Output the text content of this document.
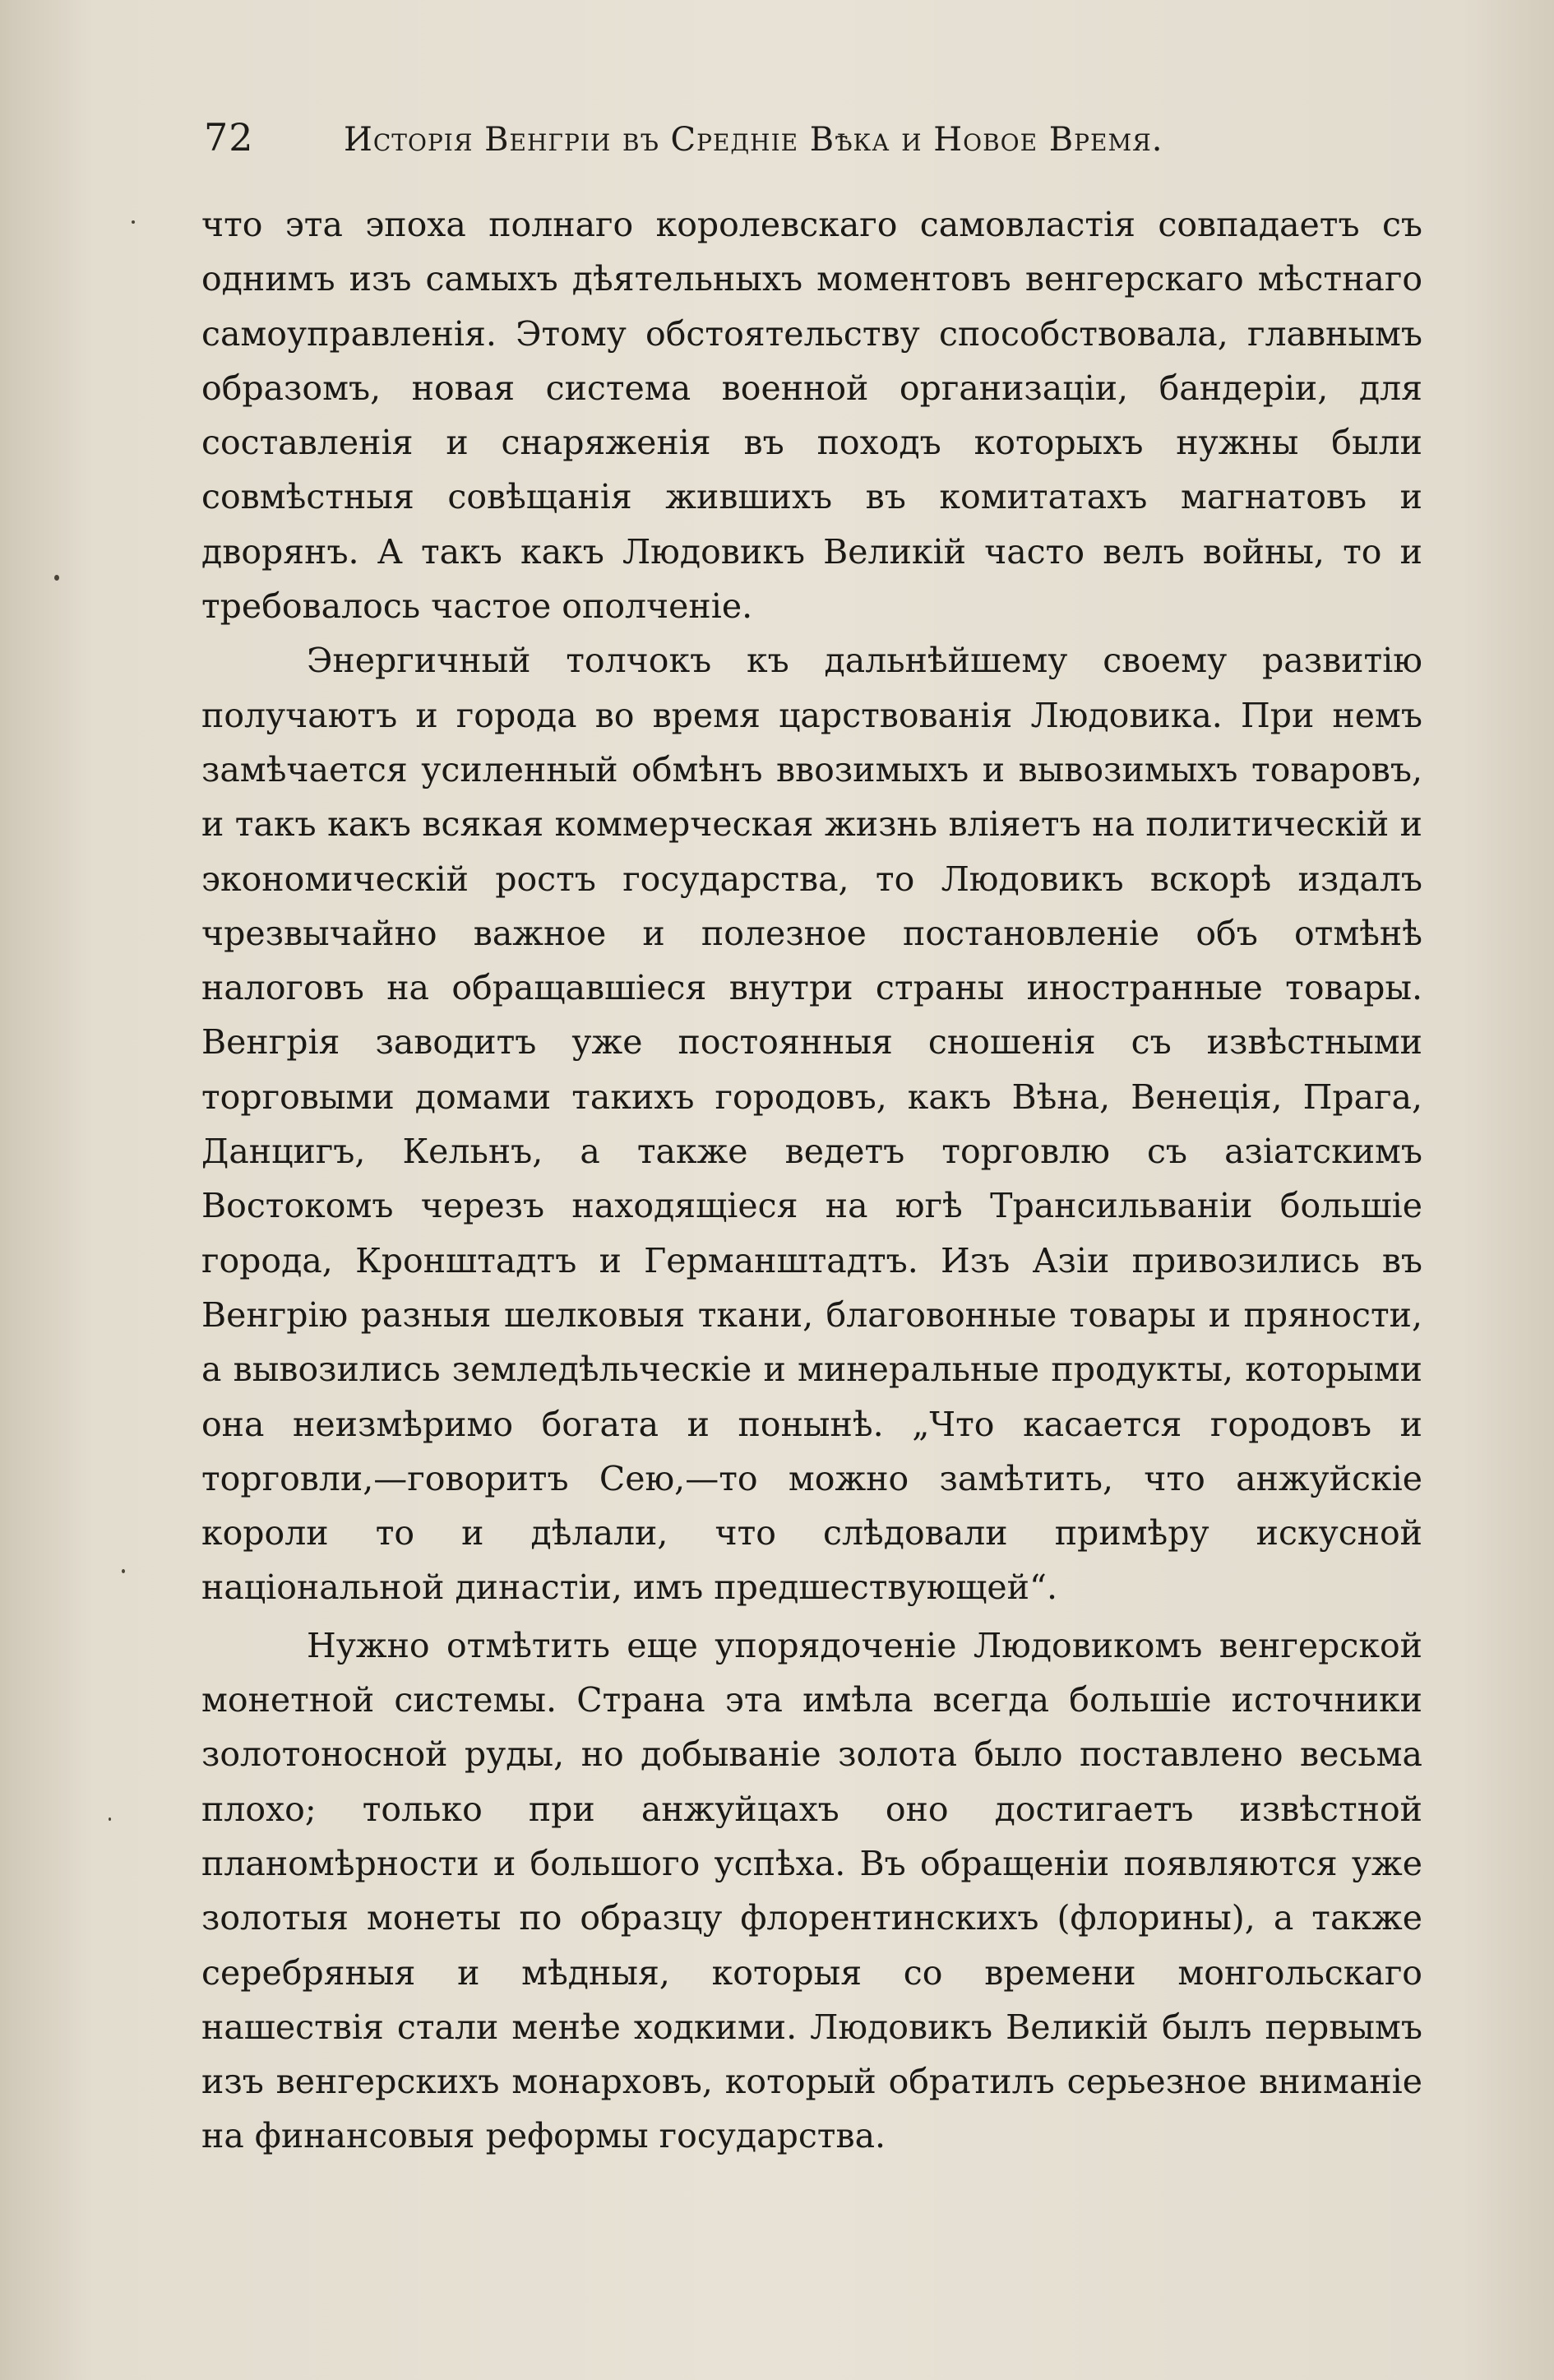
72	Исторія Венгріи въ Средніе Вѣка и Новое Время.

что эта эпоха полнаго королевскаго самовластія совпадаетъ съ однимъ изъ самыхъ дѣятельныхъ моментовъ венгерскаго мѣстнаго самоуправленія. Этому обстоятельству способствовала, главнымъ образомъ, новая система военной организаціи, бандеріи, для составленія и снаряженія въ походъ которыхъ нужны были совмѣстныя совѣщанія жившихъ въ комитатахъ магнатовъ и дворянъ. А такъ какъ Людовикъ Великій часто велъ войны, то и требовалось частое ополченіе.

Энергичный толчокъ къ дальнѣйшему своему развитію получаютъ и города во время царствованія Людовика. При немъ замѣчается усиленный обмѣнъ ввозимыхъ и вывозимыхъ товаровъ, и такъ какъ всякая коммерческая жизнь вліяетъ на политическій и экономическій ростъ государства, то Людовикъ вскорѣ издалъ чрезвычайно важное и полезное постановленіе объ отмѣнѣ налоговъ на обращавшіеся внутри страны иностранные товары. Венгрія заводитъ уже постоянныя сношенія съ извѣстными торговыми домами такихъ городовъ, какъ Вѣна, Венеція, Прага, Данцигъ, Кельнъ, а также ведетъ торговлю съ азіатскимъ Востокомъ черезъ находящіеся на югѣ Трансильваніи большіе города, Кронштадтъ и Германштадтъ. Изъ Азіи привозились въ Венгрію разныя шелковыя ткани, благовонные товары и пряности, а вывозились земледѣльческіе и минеральные продукты, которыми она неизмѣримо богата и понынѣ. „Что касается городовъ и торговли,—говоритъ Сею,—то можно замѣтить, что анжуйскіе короли то и дѣлали, что слѣдовали примѣру искусной національной династіи, имъ предшествующей“.

Нужно отмѣтить еще упорядоченіе Людовикомъ венгерской монетной системы. Страна эта имѣла всегда большіе источники золотоносной руды, но добываніе золота было поставлено весьма плохо; только при анжуйцахъ оно достигаетъ извѣстной планомѣрности и большого успѣха. Въ обращеніи появляются уже золотыя монеты по образцу флорентинскихъ (флорины), а также серебряныя и мѣдныя, которыя со времени монгольскаго нашествія стали менѣе ходкими. Людовикъ Великій былъ первымъ изъ венгерскихъ монарховъ, который обратилъ серьезное вниманіе на финансовыя реформы государства.
